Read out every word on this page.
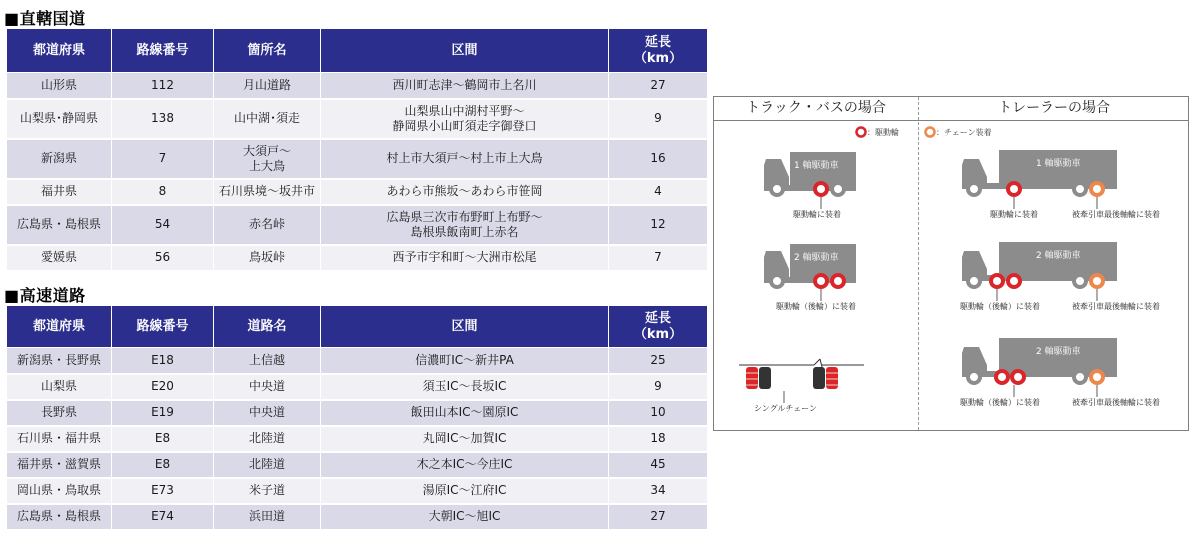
■直轄国道
都道府県	路線番号	箇所名	区間	延長
（km）
山形県	112	月山道路	西川町志津～鶴岡市上名川	27
山梨県･静岡県	138	山中湖･須走	山梨県山中湖村平野～
静岡県小山町須走字御登口	9
新潟県	7	大須戸～
上大鳥	村上市大須戸～村上市上大鳥	16
福井県	8	石川県境～坂井市	あわら市熊坂～あわら市笹岡	4
広島県・島根県	54	赤名峠	広島県三次市布野町上布野～
島根県飯南町上赤名	12
愛媛県	56	鳥坂峠	西予市宇和町～大洲市松尾	7
■高速道路
都道府県	路線番号	道路名	区間	延長
（km）
新潟県・長野県	E18	上信越	信濃町IC～新井PA	25
山梨県	E20	中央道	須玉IC～長坂IC	9
長野県	E19	中央道	飯田山本IC～園原IC	10
石川県・福井県	E8	北陸道	丸岡IC～加賀IC	18
福井県・滋賀県	E8	北陸道	木之本IC～今庄IC	45
岡山県・鳥取県	E73	米子道	湯原IC～江府IC	34
広島県・島根県	E74	浜田道	大朝IC～旭IC	27
トラック・バスの場合	トレーラーの場合
：駆動輪	：チェーン装着
1 軸駆動車
駆動輪に装着
2 軸駆動車
駆動輪（後輪）に装着
シングルチェーン
1 軸駆動車
駆動輪に装着	被牽引車最後軸輪に装着
2 軸駆動車
駆動輪（後輪）に装着	被牽引車最後軸輪に装着
2 軸駆動車
駆動輪（後輪）に装着	被牽引車最後軸輪に装着
